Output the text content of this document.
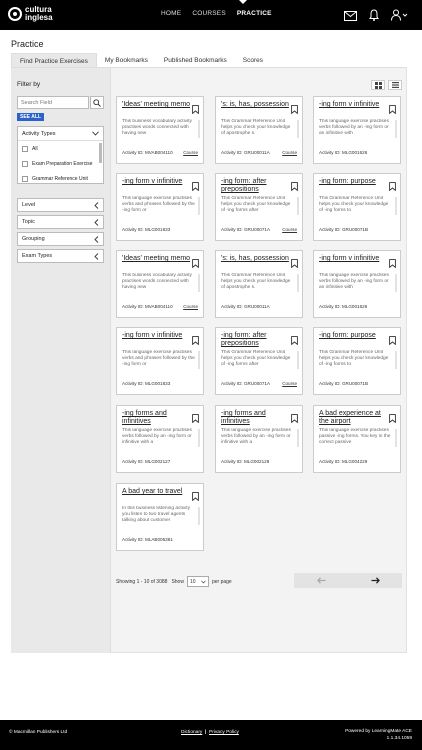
cultura
inglesa	HOME COURSES PRACTICE
Practice
Find Practice Exercises	My Bookmarks	Published Bookmarks	Scores
Filter by
Search Field
SEE ALL
Activity Types
All
Exam Preparation Exercise
Grammar Reference Unit
Level
Topic
Grouping
Exam Types
'Ideas' meeting memo
This business vocabulary activity practises words connected with having new
Activity ID: MVAB004110 Course
's: is, has, possession
This Grammar Reference Unit helps you check your knowledge of apostrophe s.
Activity ID: GRU00011A	Course
-ing form v infinitive
This language exercise practises verbs followed by an -ing form or an infinitive with
Activity ID: MLG001626
-ing form v infinitive
This language exercise practises verbs and phrases followed by the -ing form or
Activity ID: MLG001833
-ing form: after prepositions
This Grammar Reference Unit helps you check your knowledge of -ing forms after
Activity ID: GRU00071A	Course
-ing form: purpose
This Grammar Reference Unit helps you check your knowledge of -ing forms to
Activity ID: GRU00071B
'Ideas' meeting memo
This business vocabulary activity practises words connected with having new
Activity ID: MVAB004110 Course
's: is, has, possession
This Grammar Reference Unit helps you check your knowledge of apostrophe s.
Activity ID: GRU00011A
-ing form v infinitive
This language exercise practises verbs followed by an -ing form or an infinitive with
Activity ID: MLG001626
-ing form v infinitive
This language exercise practises verbs and phrases followed by the -ing form or
Activity ID: MLG001833
-ing form: after prepositions
This Grammar Reference Unit helps you check your knowledge of -ing forms after
Activity ID: GRU00071A	Course
-ing form: purpose
This Grammar Reference Unit helps you check your knowledge of -ing forms to
Activity ID: GRU00071B
-ing forms and infinitives
This language exercise practises verbs followed by an -ing form or infinitive with a
Activity ID: MLG002127
-ing forms and infinitives
This language exercise practises verbs followed by an -ing form or infinitive with a
Activity ID: MLG002128
A bad experience at the airport
This language exercise practises passive -ing forms. You key in the correct passive
Activity ID: MLG004229
A bad year to travel
In this business listening activity you listen to two travel agents talking about customer
Activity ID: MLAB005381
Showing 1 - 10 of 3088 Show 10	per page
© Macmillan Publishers Ltd	Dictionary | Privacy Policy	Powered by LearningMate ACE
1.1.34.1059
